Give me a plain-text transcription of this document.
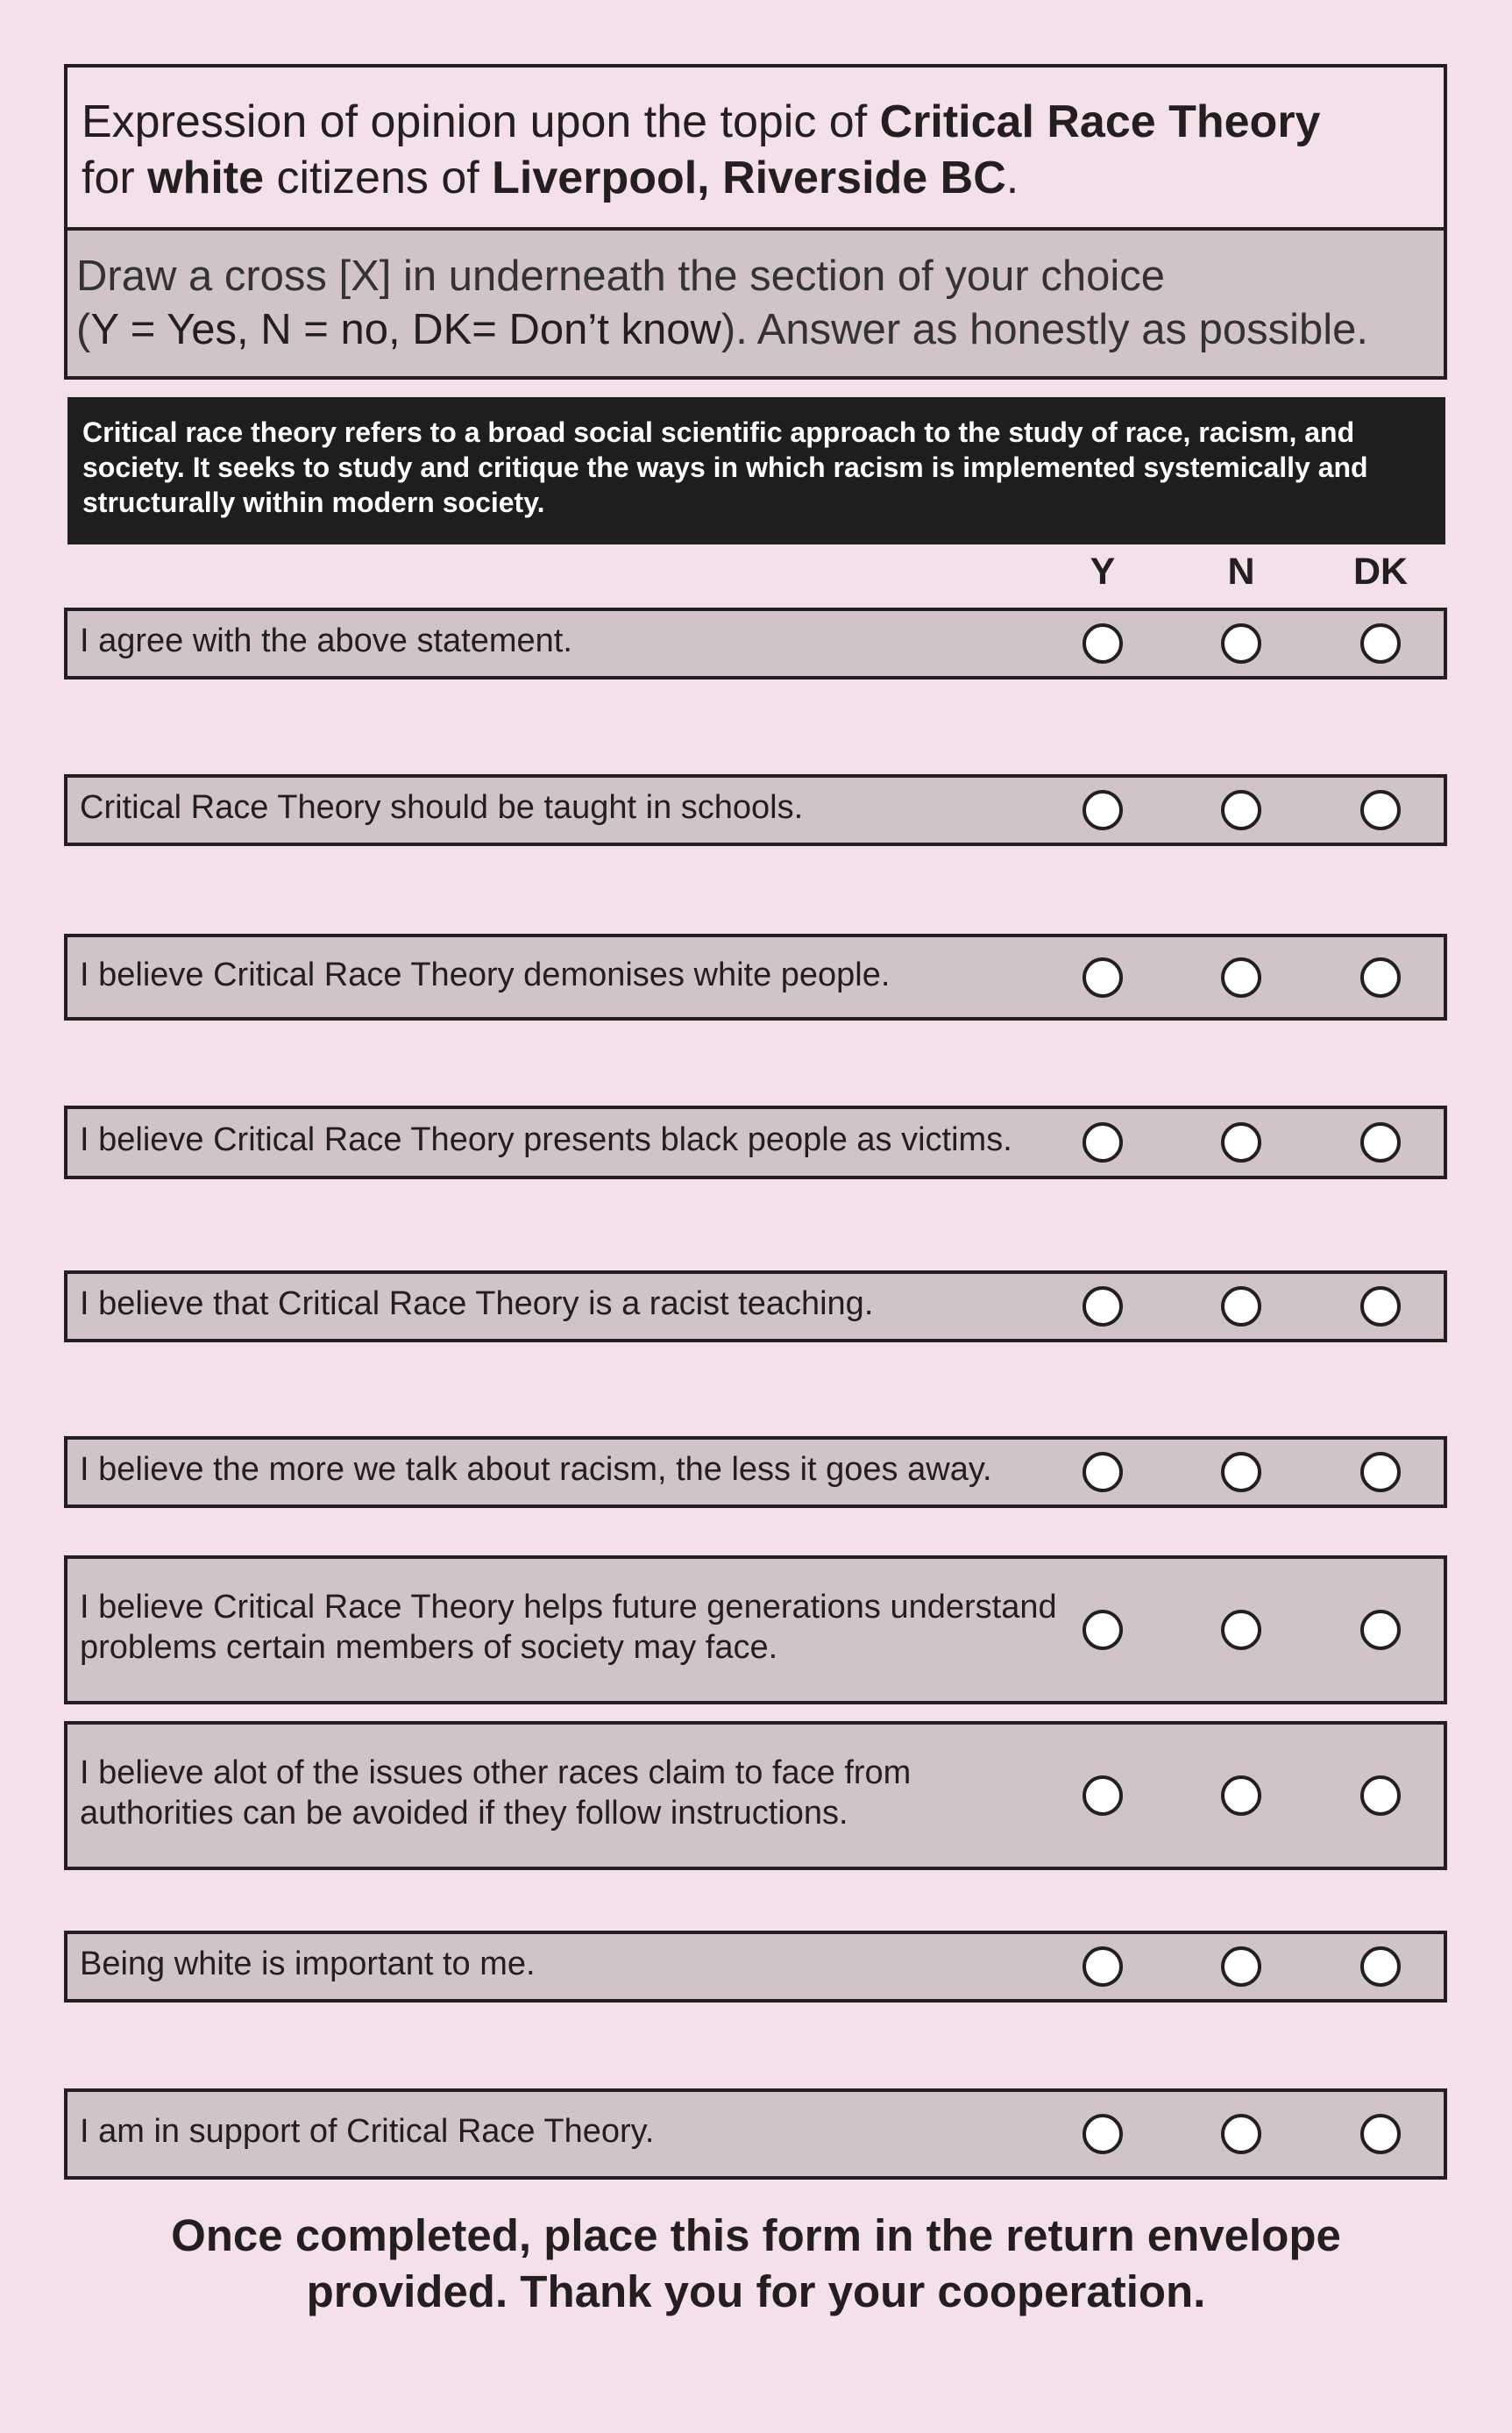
Expression of opinion upon the topic of Critical Race Theory
for white citizens of Liverpool, Riverside BC.

Draw a cross [X] in underneath the section of your choice
(Y = Yes, N = no, DK= Don’t know). Answer as honestly as possible.

Critical race theory refers to a broad social scientific approach to the study of race, racism, and society. It seeks to study and critique the ways in which racism is implemented systemically and structurally within modern society.
Y	N	DK
I agree with the above statement.
Critical Race Theory should be taught in schools.
I believe Critical Race Theory demonises white people.
I believe Critical Race Theory presents black people as victims.
I believe that Critical Race Theory is a racist teaching.
I believe the more we talk about racism, the less it goes away.
I believe Critical Race Theory helps future generations understand problems certain members of society may face.
I believe alot of the issues other races claim to face from authorities can be avoided if they follow instructions.
Being white is important to me.
I am in support of Critical Race Theory.

Once completed, place this form in the return envelope
provided. Thank you for your cooperation.
